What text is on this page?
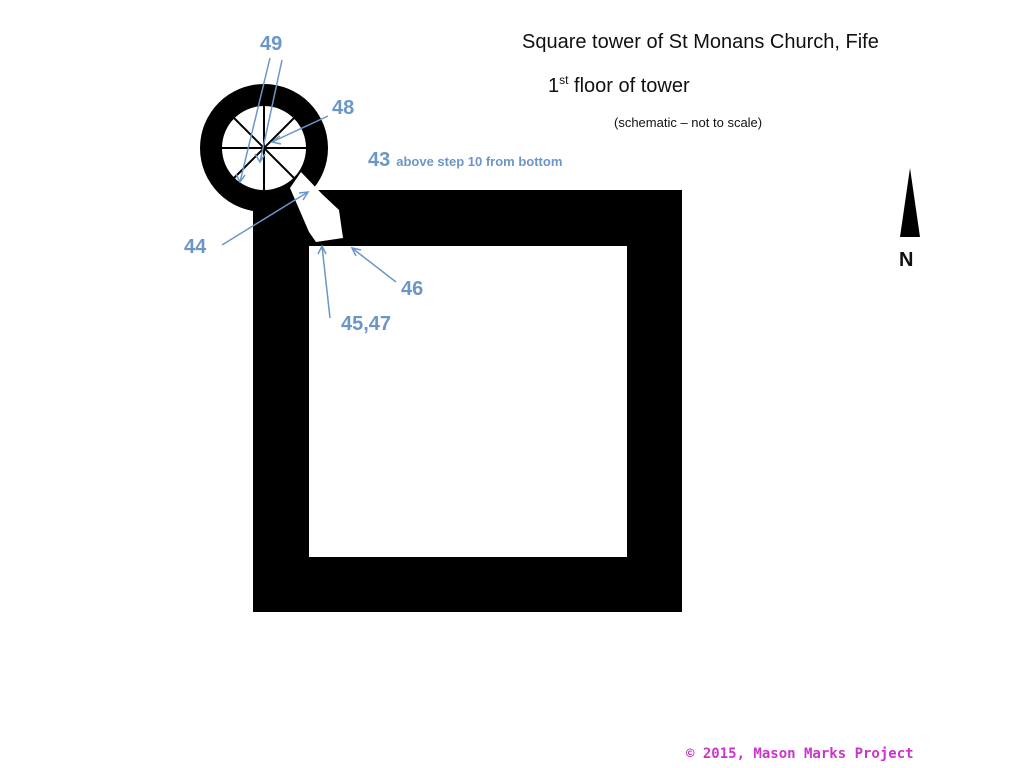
Square tower of St Monans Church, Fife
1st floor of tower
(schematic – not to scale)
49
48
43 above step 10 from bottom
44
46
45,47
N
© 2015, Mason Marks Project
